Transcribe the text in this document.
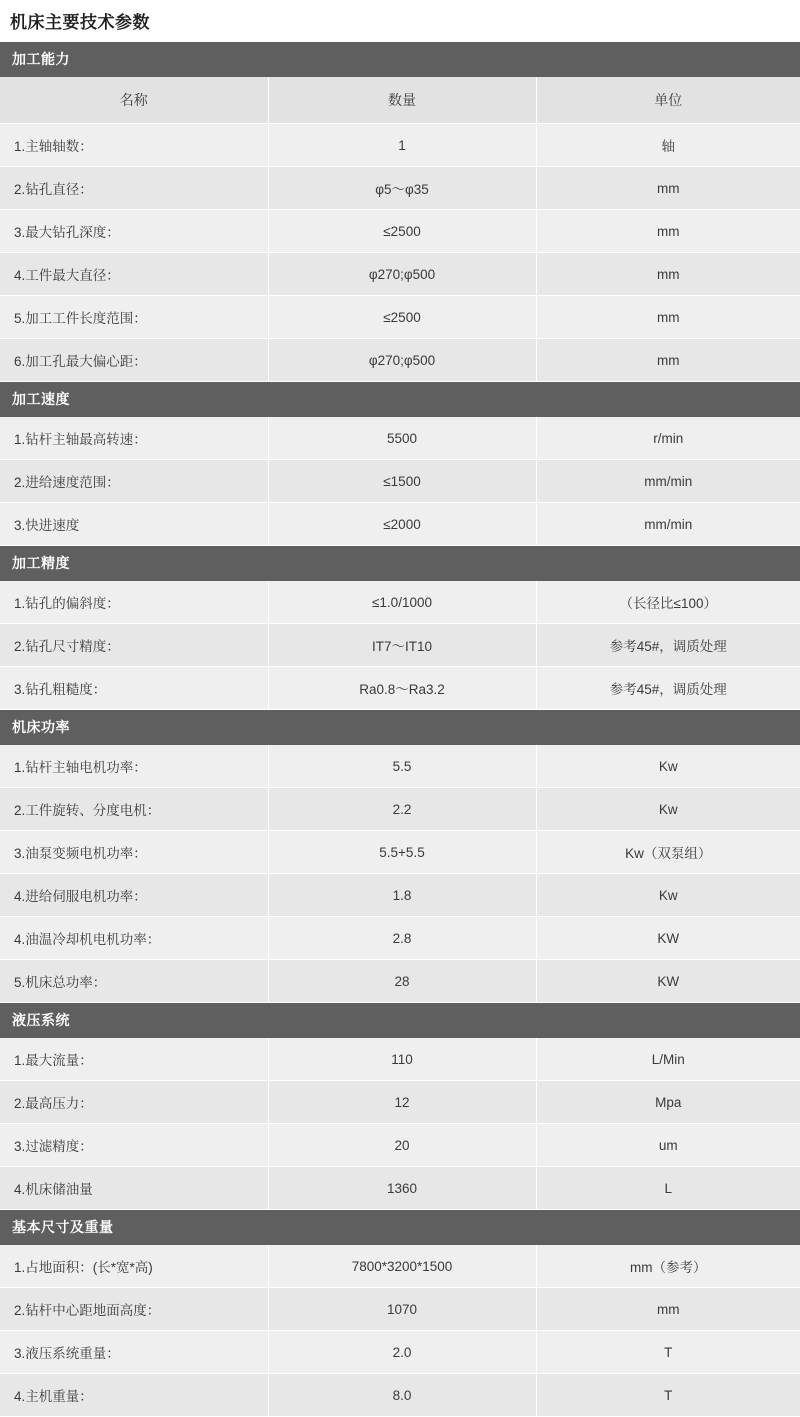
机床主要技术参数
加工能力		
名称	数量	单位
1.主轴轴数：	1	轴
2.钻孔直径：	φ5～φ35	mm
3.最大钻孔深度：	≤2500	mm
4.工件最大直径：	φ270;φ500	mm
5.加工工件长度范围：	≤2500	mm
6.加工孔最大偏心距：	φ270;φ500	mm
加工速度		
1.钻杆主轴最高转速：	5500	r/min
2.进给速度范围：	≤1500	mm/min
3.快进速度	≤2000	mm/min
加工精度		
1.钻孔的偏斜度：	≤1.0/1000	（长径比≤100）
2.钻孔尺寸精度：	IT7～IT10	参考45#，调质处理
3.钻孔粗糙度：	Ra0.8～Ra3.2	参考45#，调质处理
机床功率		
1.钻杆主轴电机功率：	5.5	Kw
2.工件旋转、分度电机：	2.2	Kw
3.油泵变频电机功率：	5.5+5.5	Kw（双泵组）
4.进给伺服电机功率：	1.8	Kw
4.油温冷却机电机功率：	2.8	KW
5.机床总功率：	28	KW
液压系统		
1.最大流量：	110	L/Min
2.最高压力：	12	Mpa
3.过滤精度：	20	um
4.机床储油量	1360	L
基本尺寸及重量		
1.占地面积：(长*宽*高)	7800*3200*1500	mm（参考）
2.钻杆中心距地面高度：	1070	mm
3.液压系统重量：	2.0	T
4.主机重量：	8.0	T
